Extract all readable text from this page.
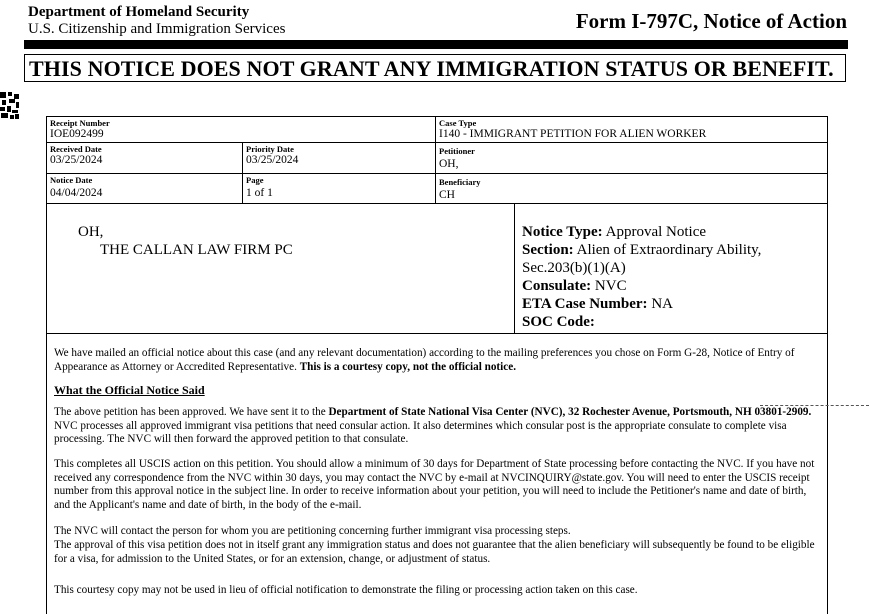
Department of Homeland Security
U.S. Citizenship and Immigration Services	Form I-797C, Notice of Action
THIS NOTICE DOES NOT GRANT ANY IMMIGRATION STATUS OR BENEFIT.
Receipt Number
IOE092499
Case Type
I140 - IMMIGRANT PETITION FOR ALIEN WORKER
Received Date
03/25/2024
Priority Date
03/25/2024
Petitioner
OH,
Notice Date
04/04/2024
Page
1 of 1
Beneficiary
CH
OH,
THE CALLAN LAW FIRM PC
Notice Type: Approval Notice
Section: Alien of Extraordinary Ability,
Sec.203(b)(1)(A)
Consulate: NVC
ETA Case Number: NA
SOC Code:
We have mailed an official notice about this case (and any relevant documentation) according to the mailing preferences you chose on Form G-28, Notice of Entry of Appearance as Attorney or Accredited Representative. This is a courtesy copy, not the official notice.
What the Official Notice Said
The above petition has been approved. We have sent it to the Department of State National Visa Center (NVC), 32 Rochester Avenue, Portsmouth, NH 03801-2909. NVC processes all approved immigrant visa petitions that need consular action. It also determines which consular post is the appropriate consulate to complete visa processing. The NVC will then forward the approved petition to that consulate.
This completes all USCIS action on this petition. You should allow a minimum of 30 days for Department of State processing before contacting the NVC. If you have not received any correspondence from the NVC within 30 days, you may contact the NVC by e-mail at NVCINQUIRY@state.gov. You will need to enter the USCIS receipt number from this approval notice in the subject line. In order to receive information about your petition, you will need to include the Petitioner's name and date of birth, and the Applicant's name and date of birth, in the body of the e-mail.
The NVC will contact the person for whom you are petitioning concerning further immigrant visa processing steps.
The approval of this visa petition does not in itself grant any immigration status and does not guarantee that the alien beneficiary will subsequently be found to be eligible for a visa, for admission to the United States, or for an extension, change, or adjustment of status.
This courtesy copy may not be used in lieu of official notification to demonstrate the filing or processing action taken on this case.
